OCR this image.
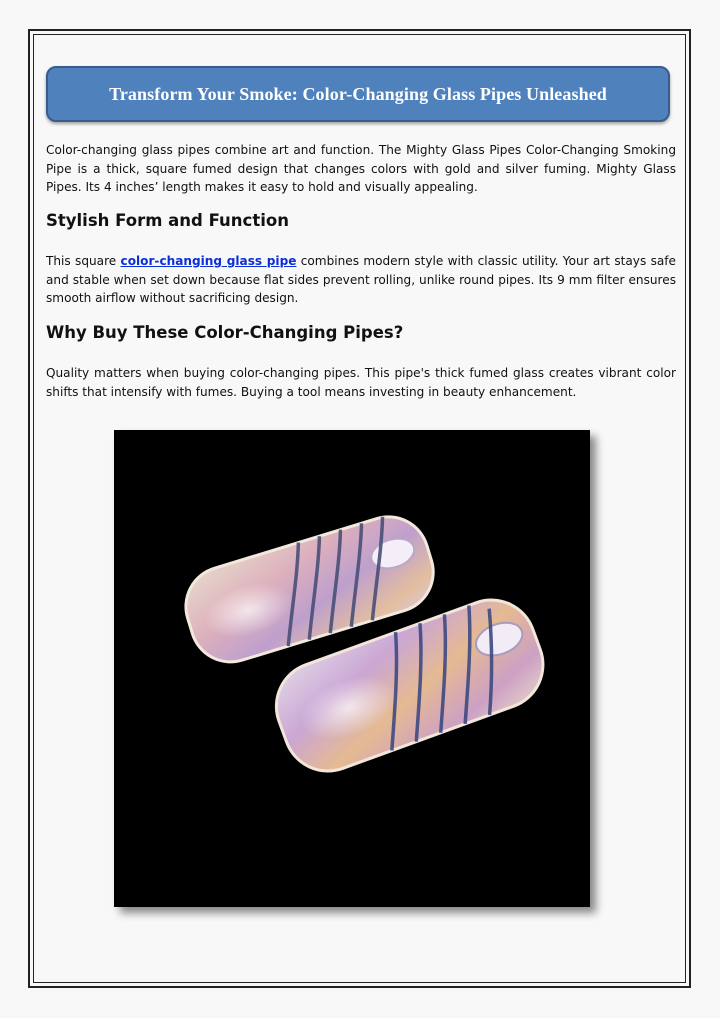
Transform Your Smoke: Color-Changing Glass Pipes Unleashed

Color-changing glass pipes combine art and function. The Mighty Glass Pipes Color-Changing Smoking Pipe is a thick, square fumed design that changes colors with gold and silver fuming. Mighty Glass Pipes. Its 4 inches’ length makes it easy to hold and visually appealing.

Stylish Form and Function

This square color-changing glass pipe combines modern style with classic utility. Your art stays safe and stable when set down because flat sides prevent rolling, unlike round pipes. Its 9 mm filter ensures smooth airflow without sacrificing design.

Why Buy These Color-Changing Pipes?

Quality matters when buying color-changing pipes. This pipe's thick fumed glass creates vibrant color shifts that intensify with fumes. Buying a tool means investing in beauty enhancement.
